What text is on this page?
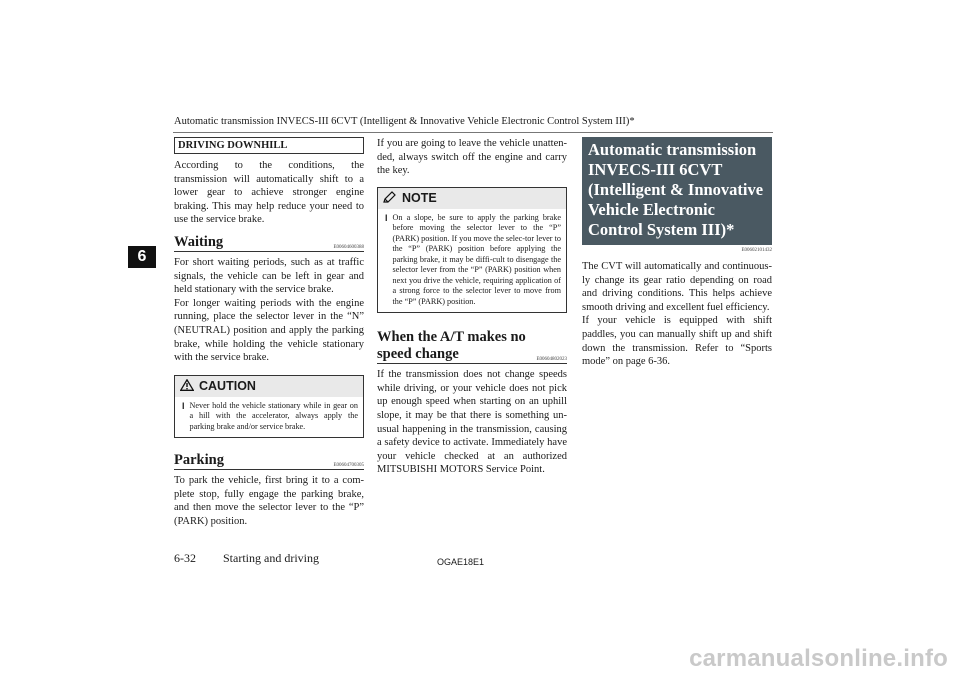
Automatic transmission INVECS-III 6CVT (Intelligent & Innovative Vehicle Electronic Control System III)*
6
DRIVING DOWNHILL

According to the conditions, the transmission will automatically shift to a lower gear to achieve stronger engine braking. This may help reduce your need to use the service brake.

Waiting	E00604600388

For short waiting periods, such as at traffic signals, the vehicle can be left in gear and held stationary with the service brake.

For longer waiting periods with the engine running, place the selector lever in the “N” (NEUTRAL) position and apply the parking brake, while holding the vehicle stationary with the service brake.

CAUTION
l Never hold the vehicle stationary while in gear on a hill with the accelerator, always apply the parking brake and/or service brake.

Parking	E00604700305

To park the vehicle, first bring it to a com-plete stop, fully engage the parking brake, and then move the selector lever to the “P” (PARK) position.

If you are going to leave the vehicle unatten-ded, always switch off the engine and carry the key.

NOTE
l On a slope, be sure to apply the parking brake before moving the selector lever to the “P” (PARK) position. If you move the selec-tor lever to the “P” (PARK) position before applying the parking brake, it may be diffi-cult to disengage the selector lever from the “P” (PARK) position when next you drive the vehicle, requiring application of a strong force to the selector lever to move from the “P” (PARK) position.

When the A/T makes no speed change	E00604802023

If the transmission does not change speeds while driving, or your vehicle does not pick up enough speed when starting on an uphill slope, it may be that there is something un-usual happening in the transmission, causing a safety device to activate. Immediately have your vehicle checked at an authorized MITSUBISHI MOTORS Service Point.

Automatic transmission INVECS-III 6CVT (Intelligent & Innovative Vehicle Electronic Control System III)*
E00602101432

The CVT will automatically and continuous-ly change its gear ratio depending on road and driving conditions. This helps achieve smooth driving and excellent fuel efficiency.

If your vehicle is equipped with shift paddles, you can manually shift up and shift down the transmission. Refer to “Sports mode” on page 6-36.

6-32 Starting and driving	OGAE18E1
carmanualsonline.info
